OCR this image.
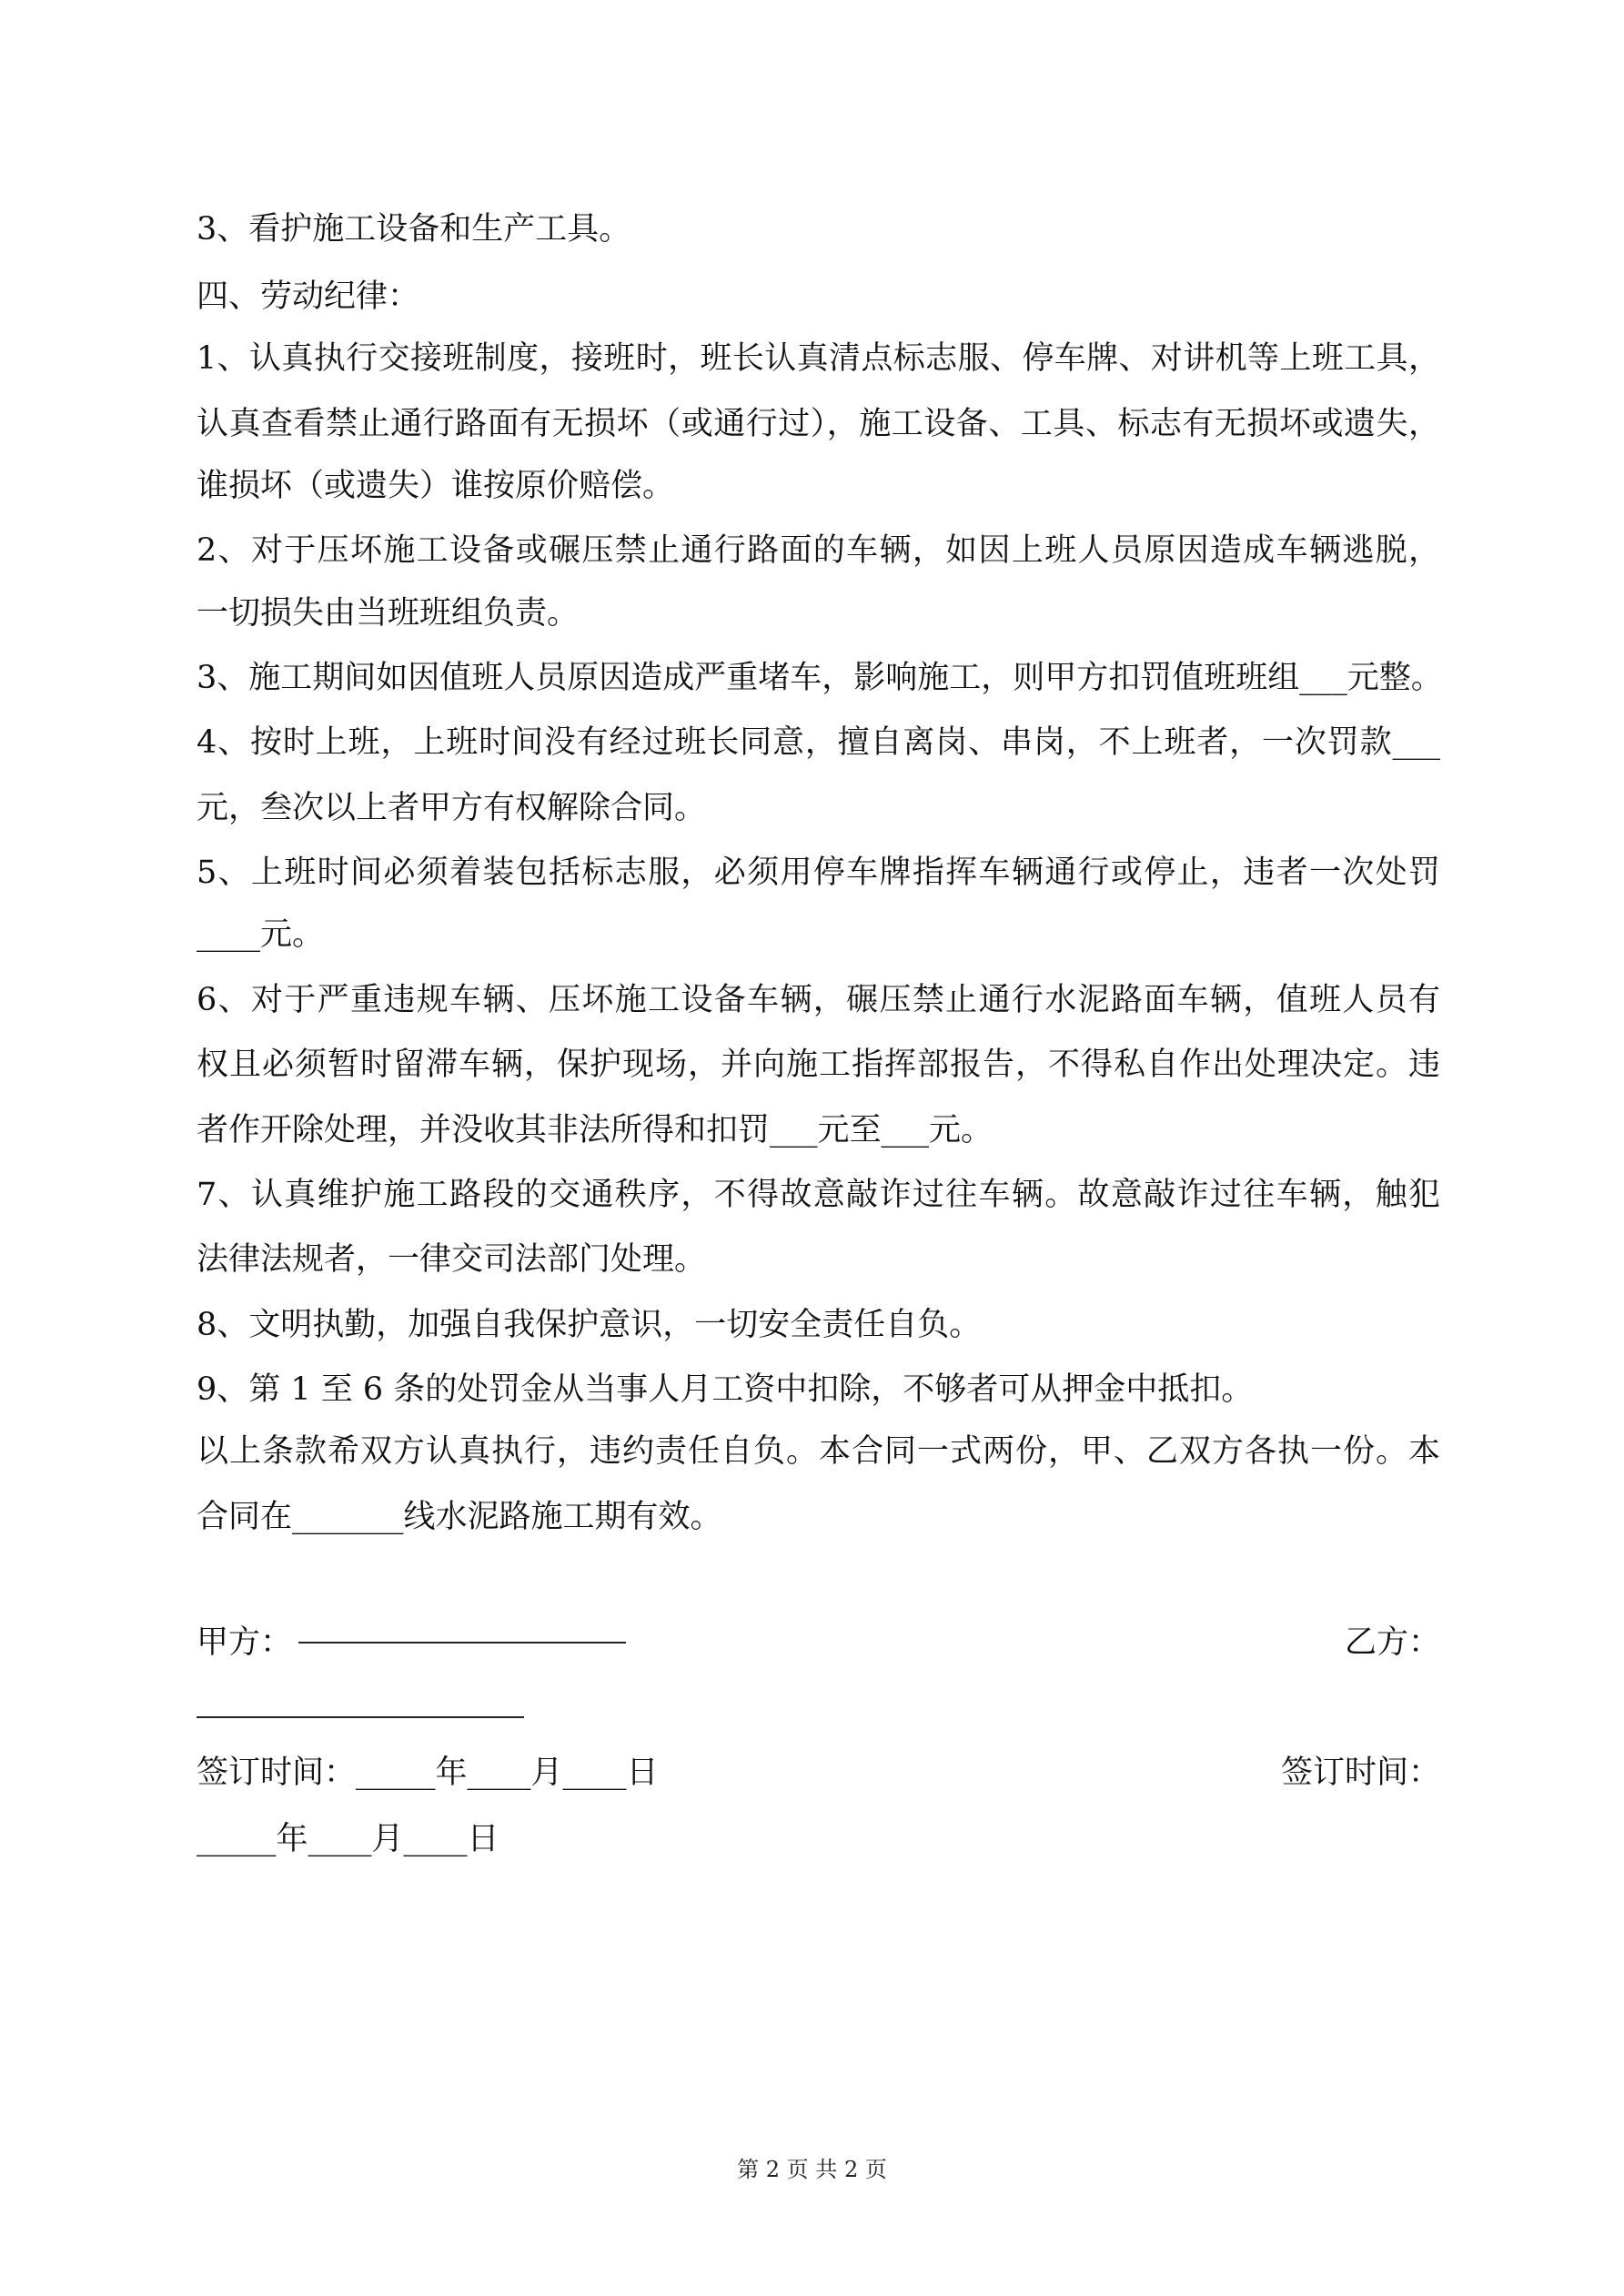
3、看护施工设备和生产工具。
四、劳动纪律：
1、认真执行交接班制度，接班时，班长认真清点标志服、停车牌、对讲机等上班工具，
认真查看禁止通行路面有无损坏（或通行过），施工设备、工具、标志有无损坏或遗失，
谁损坏（或遗失）谁按原价赔偿。
2、对于压坏施工设备或碾压禁止通行路面的车辆，如因上班人员原因造成车辆逃脱，
一切损失由当班班组负责。
3、施工期间如因值班人员原因造成严重堵车，影响施工，则甲方扣罚值班班组___元整。
4、按时上班，上班时间没有经过班长同意，擅自离岗、串岗，不上班者，一次罚款___
元，叁次以上者甲方有权解除合同。
5、上班时间必须着装包括标志服，必须用停车牌指挥车辆通行或停止，违者一次处罚
____元。
6、对于严重违规车辆、压坏施工设备车辆，碾压禁止通行水泥路面车辆，值班人员有
权且必须暂时留滞车辆，保护现场，并向施工指挥部报告，不得私自作出处理决定。违
者作开除处理，并没收其非法所得和扣罚___元至___元。
7、认真维护施工路段的交通秩序，不得故意敲诈过往车辆。故意敲诈过往车辆，触犯
法律法规者，一律交司法部门处理。
8、文明执勤，加强自我保护意识，一切安全责任自负。
9、第 1 至 6 条的处罚金从当事人月工资中扣除，不够者可从押金中抵扣。
以上条款希双方认真执行，违约责任自负。本合同一式两份，甲、乙双方各执一份。本
合同在_______线水泥路施工期有效。
甲方：	乙方：
签订时间：_____年____月____日	签订时间：
_____年____月____日
第 2 页 共 2 页
